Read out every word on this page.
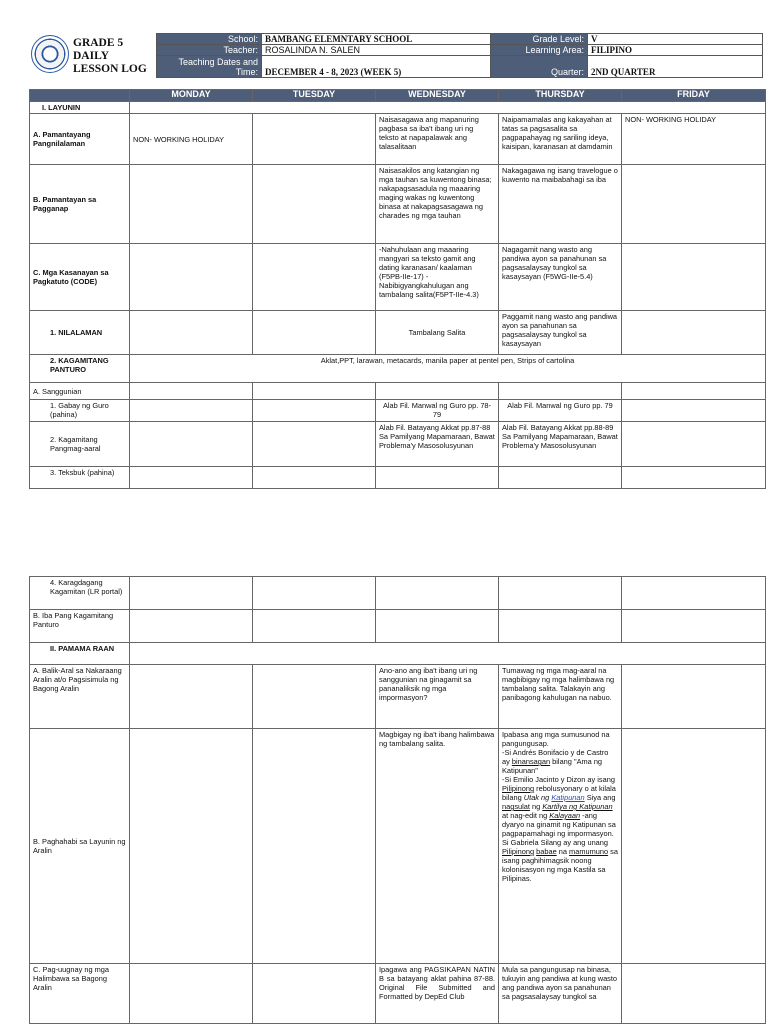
GRADE 5
DAILY
LESSON LOG
School:	BAMBANG ELEMNTARY SCHOOL	Grade Level:	V
Teacher:	ROSALINDA N. SALEN	Learning Area:	FILIPINO
Teaching Dates and Time:	DECEMBER 4 - 8, 2023 (WEEK 5)	Quarter:	2ND QUARTER
	MONDAY	TUESDAY	WEDNESDAY	THURSDAY	FRIDAY
I. LAYUNIN					
A. Pamantayang Pangnilalaman	NON- WORKING HOLIDAY		Naisasagawa ang mapanuring pagbasa sa iba't ibang uri ng teksto at napapalawak ang talasalitaan	Naipamamalas ang kakayahan at tatas sa pagsasalita sa pagpapahayag ng sariling ideya, kaisipan, karanasan at damdamin	NON- WORKING HOLIDAY
B. Pamantayan sa Pagganap			Naisasakilos ang katangian ng mga tauhan sa kuwentong binasa; nakapagsasadula ng maaaring maging wakas ng kuwentong binasa at nakapagsasagawa ng charades ng mga tauhan	Nakagagawa ng isang travelogue o kuwento na maibabahagi sa iba	
C. Mga Kasanayan sa Pagkatuto (CODE)			-Nahuhulaan ang maaaring mangyari sa teksto gamit ang dating karanasan/ kaalaman (F5PB-IIe-17) -Nabibigyangkahulugan ang tambalang salita(F5PT-IIe-4.3)	Nagagamit nang wasto ang pandiwa ayon sa panahunan sa pagsasalaysay tungkol sa kasaysayan (F5WG-IIe-5.4)	
1. NILALAMAN			Tambalang Salita	Paggamit nang wasto ang pandiwa ayon sa panahunan sa pagsasalaysay tungkol sa kasaysayan	
2. KAGAMITANG PANTURO	Aklat,PPT, larawan, metacards, manila paper at pentel pen, Strips of cartolina				
A. Sanggunian					
1. Gabay ng Guro (pahina)			Alab Fil. Manwal ng Guro pp. 78-79	Alab Fil. Manwal ng Guro pp. 79	
2. Kagamitang Pangmag-aaral			Alab Fil. Batayang Akkat pp.87-88 Sa Pamilyang Mapamaraan, Bawat Problema'y Masosolusyunan	Alab Fil. Batayang Akkat pp.88-89 Sa Pamilyang Mapamaraan, Bawat Problema'y Masosolusyunan	
3. Teksbuk (pahina)					
4. Karagdagang Kagamitan (LR portal)					
B. Iba Pang Kagamitang Panturo					
II. PAMAMA RAAN					
A. Balik-Aral sa Nakaraang Aralin at/o Pagsisimula ng Bagong Aralin			Ano-ano ang iba't ibang uri ng sanggunian na ginagamit sa pananaliksik ng mga impormasyon?	Tumawag ng mga mag-aaral na magbibigay ng mga halimbawa ng tambalang salita. Talakayin ang panibagong kahulugan na nabuo.	
B. Paghahabi sa Layunin ng Aralin			Magbigay ng iba't ibang halimbawa ng tambalang salita.	Ipabasa ang mga sumusunod na pangungusap.
-Si Andrés Bonifacio y de Castro ay binansagan bilang "Ama ng Katipunan"
-Si Emilio Jacinto y Dizon ay isang Pilipinong rebolusyonary o at kilala bilang Utak ng Katipunan Siya ang nagsulat ng Kartilya ng Katipunan at nag-edit ng Kalayaan -ang dyaryo na ginamit ng Katipunan sa pagpapamahagi ng impormasyon.
Si Gabriela Silang ay ang unang Pilipinong babae na mamumuno sa isang paghihimagsik noong kolonisasyon ng mga Kastila sa Pilipinas.	
C. Pag-uugnay ng mga Halimbawa sa Bagong Aralin			Ipagawa ang PAGSIKAPAN NATIN B sa batayang aklat pahina 87-88. Original File Submitted and Formatted by DepEd Club	Mula sa pangungusap na binasa, tukuyin ang pandiwa at kung wasto ang pandiwa ayon sa panahunan sa pagsasalaysay tungkol sa	
